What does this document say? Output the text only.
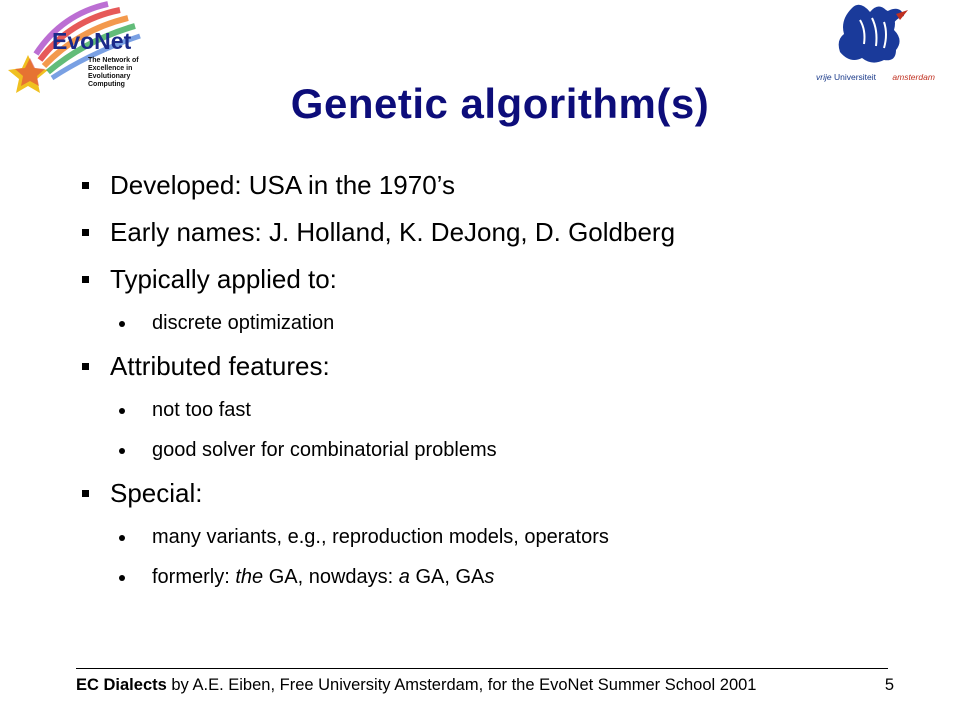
EvoNet
The Network of
Excellence in
Evolutionary
Computing
vrije Universiteit amsterdam
Genetic algorithm(s)
Developed: USA in the 1970’s
Early names: J. Holland, K. DeJong, D. Goldberg
Typically applied to:
discrete optimization
Attributed features:
not too fast
good solver for combinatorial problems
Special:
many variants, e.g., reproduction models, operators
formerly: the GA, nowdays: a GA, GAs
EC Dialects by A.E. Eiben, Free University Amsterdam, for the EvoNet Summer School 2001	5
